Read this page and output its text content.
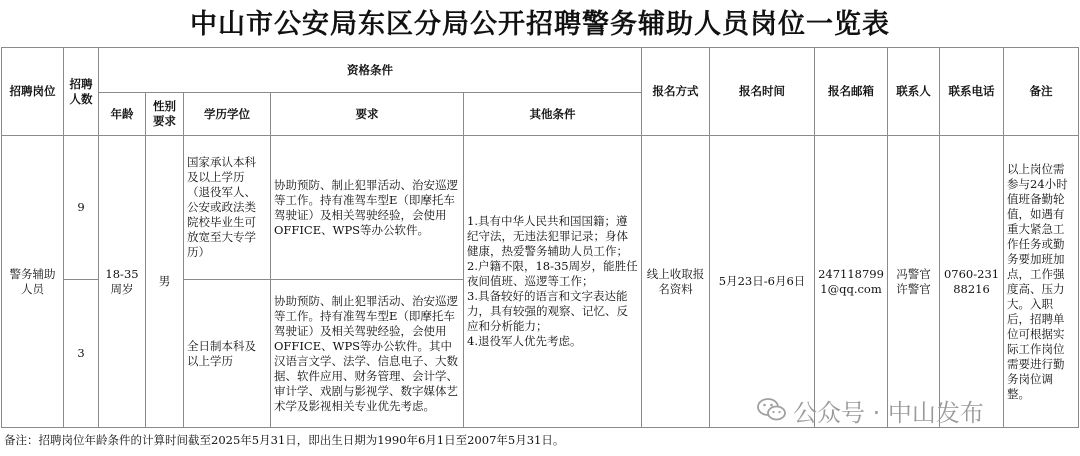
中山市公安局东区分局公开招聘警务辅助人员岗位一览表
招聘岗位	招聘人数	资格条件					报名方式	报名时间	报名邮箱	联系人	联系电话	备注
		年龄	性别要求	学历学位	要求	其他条件						
警务辅助人员	9	18-35周岁	男	国家承认本科及以上学历（退役军人、公安或政法类院校毕业生可放宽至大专学历）	协助预防、制止犯罪活动、治安巡逻等工作。持有准驾车型E（即摩托车驾驶证）及相关驾驶经验，会使用OFFICE、WPS等办公软件。	1.具有中华人民共和国国籍；遵纪守法，无违法犯罪记录；身体健康，热爱警务辅助人员工作；
2.户籍不限，18-35周岁，能胜任夜间值班、巡逻等工作；
3.具备较好的语言和文字表达能力，具有较强的观察、记忆、反应和分析能力；
4.退役军人优先考虑。	线上收取报名资料	5月23日-6月6日	2471187991@qq.com	冯警官许警官	0760-23188216	以上岗位需参与24小时值班备勤轮值，如遇有重大紧急工作任务或勤务要加班加点，工作强度高、压力大。入职后，招聘单位可根据实际工作岗位需要进行勤务岗位调整。
	3			全日制本科及以上学历	协助预防、制止犯罪活动、治安巡逻等工作。持有准驾车型E（即摩托车驾驶证）及相关驾驶经验，会使用OFFICE、WPS等办公软件。其中汉语言文学、法学、信息电子、大数据、软件应用、财务管理、会计学、审计学、戏剧与影视学、数字媒体艺术学及影视相关专业优先考虑。								公众号 · 中山发布
备注：招聘岗位年龄条件的计算时间截至2025年5月31日，即出生日期为1990年6月1日至2007年5月31日。
